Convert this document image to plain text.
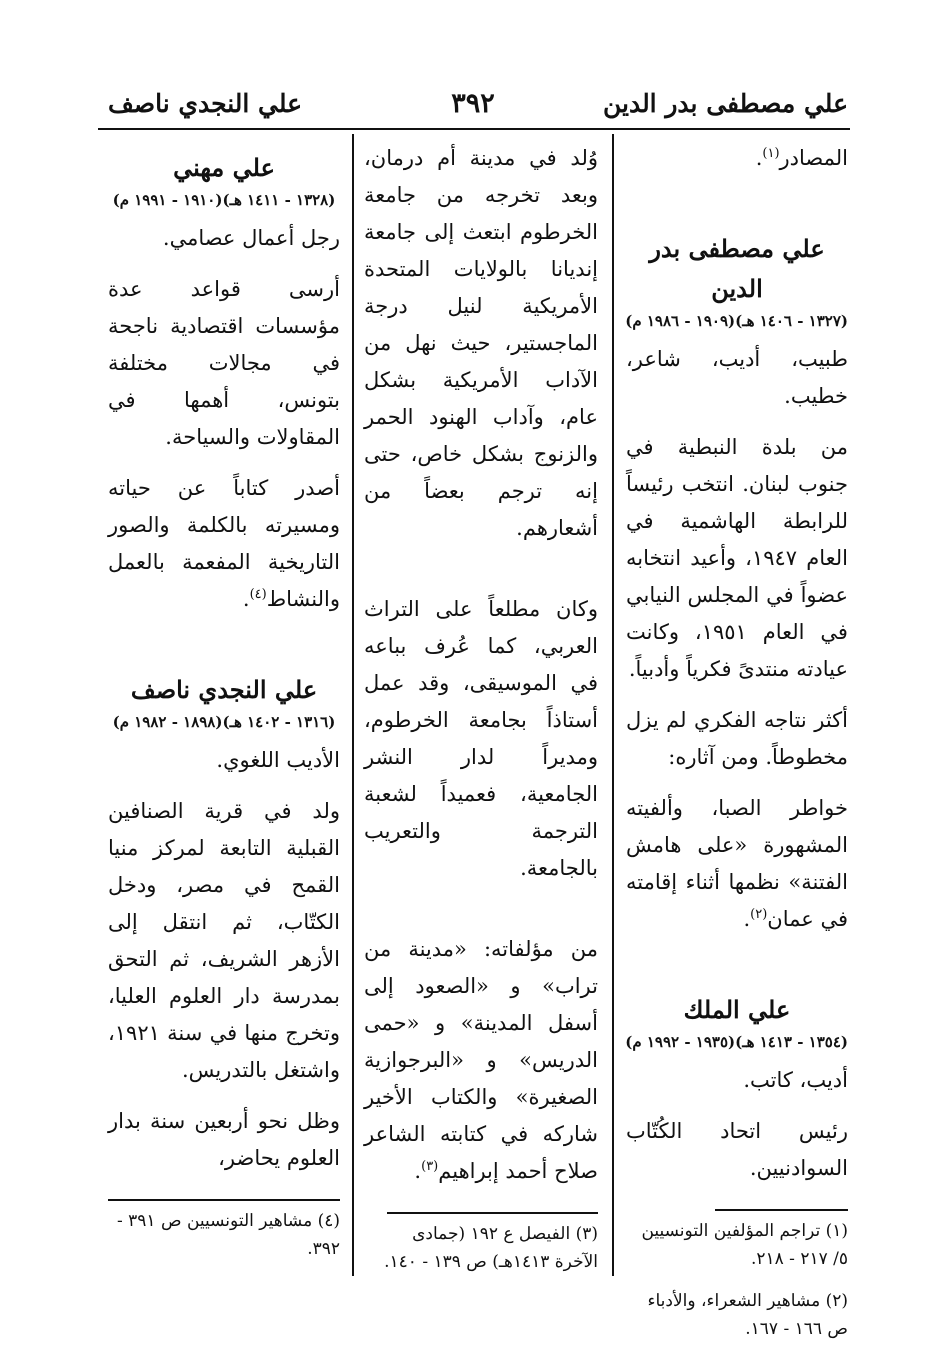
علي مصطفى بدر الدين
٣٩٢
علي النجدي ناصف

المصادر$^{(١)}$.

علي مصطفى بدر الدين
(١٣٢٧ - ١٤٠٦ هـ)(١٩٠٩ - ١٩٨٦ م)

طبيب، أديب، شاعر، خطيب.

من بلدة النبطية في جنوب لبنان. انتخب رئيساً للرابطة الهاشمية في العام ١٩٤٧، وأعيد انتخابه عضواً في المجلس النيابي في العام ١٩٥١، وكانت عيادته منتدىً فكرياً وأدبياً.

أكثر نتاجه الفكري لم يزل مخطوطاً. ومن آثاره:

خواطر الصبا، وألفيته المشهورة «على هامش الفتنة» نظمها أثناء إقامته في عمان$^{(٢)}$.

علي الملك
(١٣٥٤ - ١٤١٣ هـ)(١٩٣٥ - ١٩٩٢ م)

أديب، كاتب.

رئيس اتحاد الكُتّاب السوادنيين.

(١) تراجم المؤلفين التونسيين ٥/ ٢١٧ - ٢١٨.

(٢) مشاهير الشعراء، والأدباء ص ١٦٦ - ١٦٧.

وُلد في مدينة أم درمان، وبعد تخرجه من جامعة الخرطوم ابتعث إلى جامعة إنديانا بالولايات المتحدة الأمريكية لنيل درجة الماجستير، حيث نهل من الآداب الأمريكية بشكل عام، وآداب الهنود الحمر والزنوج بشكل خاص، حتى إنه ترجم بعضاً من أشعارهم.

وكان مطلعاً على التراث العربي، كما عُرف بباعه في الموسيقى، وقد عمل أستاذاً بجامعة الخرطوم، ومديراً لدار النشر الجامعية، فعميداً لشعبة الترجمة والتعريب بالجامعة.

من مؤلفاته: «مدينة من تراب» و «الصعود إلى أسفل المدينة» و «حمى الدريس» و «البرجوازية الصغيرة» والكتاب الأخير شاركه في كتابته الشاعر صلاح أحمد إبراهيم$^{(٣)}$.

(٣) الفيصل ع ١٩٢ (جمادى الآخرة ١٤١٣هـ) ص ١٣٩ - ١٤٠.

علي مهني
(١٣٢٨ - ١٤١١ هـ)(١٩١٠ - ١٩٩١ م)

رجل أعمال عصامي.

أرسى قواعد عدة مؤسسات اقتصادية ناجحة في مجالات مختلفة بتونس، أهمها في المقاولات والسياحة.

أصدر كتاباً عن حياته ومسيرته بالكلمة والصور التاريخية المفعمة بالعمل والنشاط$^{(٤)}$.

علي النجدي ناصف
(١٣١٦ - ١٤٠٢ هـ)(١٨٩٨ - ١٩٨٢ م)

الأديب اللغوي.

ولد في قرية الصنافين القبلية التابعة لمركز منيا القمح في مصر، ودخل الكتّاب، ثم انتقل إلى الأزهر الشريف، ثم التحق بمدرسة دار العلوم العليا، وتخرج منها في سنة ١٩٢١، واشتغل بالتدريس.

وظل نحو أربعين سنة بدار العلوم يحاضر،

(٤) مشاهير التونسيين ص ٣٩١ - ٣٩٢.
